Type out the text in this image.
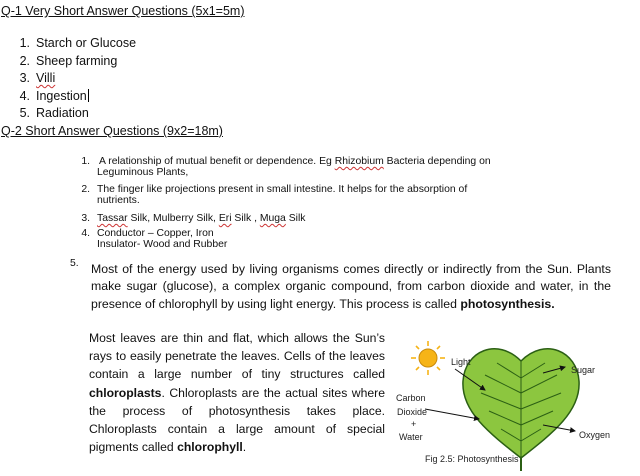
Q-1 Very Short Answer Questions (5x1=5m)
1. Starch or Glucose
2. Sheep farming
3. Villi
4. Ingestion
5. Radiation
Q-2 Short Answer Questions (9x2=18m)
1. A relationship of mutual benefit or dependence. Eg Rhizobium Bacteria depending on
Leguminous Plants,
2. The finger like projections present in small intestine. It helps for the absorption of
nutrients.
3. Tassar Silk, Mulberry Silk, Eri Silk , Muga Silk
4. Conductor – Copper, Iron
Insulator- Wood and Rubber
5. Most of the energy used by living organisms comes directly or indirectly from the Sun. Plants make sugar (glucose), a complex organic compound, from carbon dioxide and water, in the presence of chlorophyll by using light energy. This process is called photosynthesis.
Most leaves are thin and flat, which allows the Sun’s rays to easily penetrate the leaves. Cells of the leaves contain a large number of tiny structures called chloroplasts. Chloroplasts are the actual sites where the process of photosynthesis takes place. Chloroplasts contain a large amount of special pigments called chlorophyll.
Light
Sugar
Carbon
Dioxide
+
Water	Oxygen
Fig 2.5: Photosynthesis
